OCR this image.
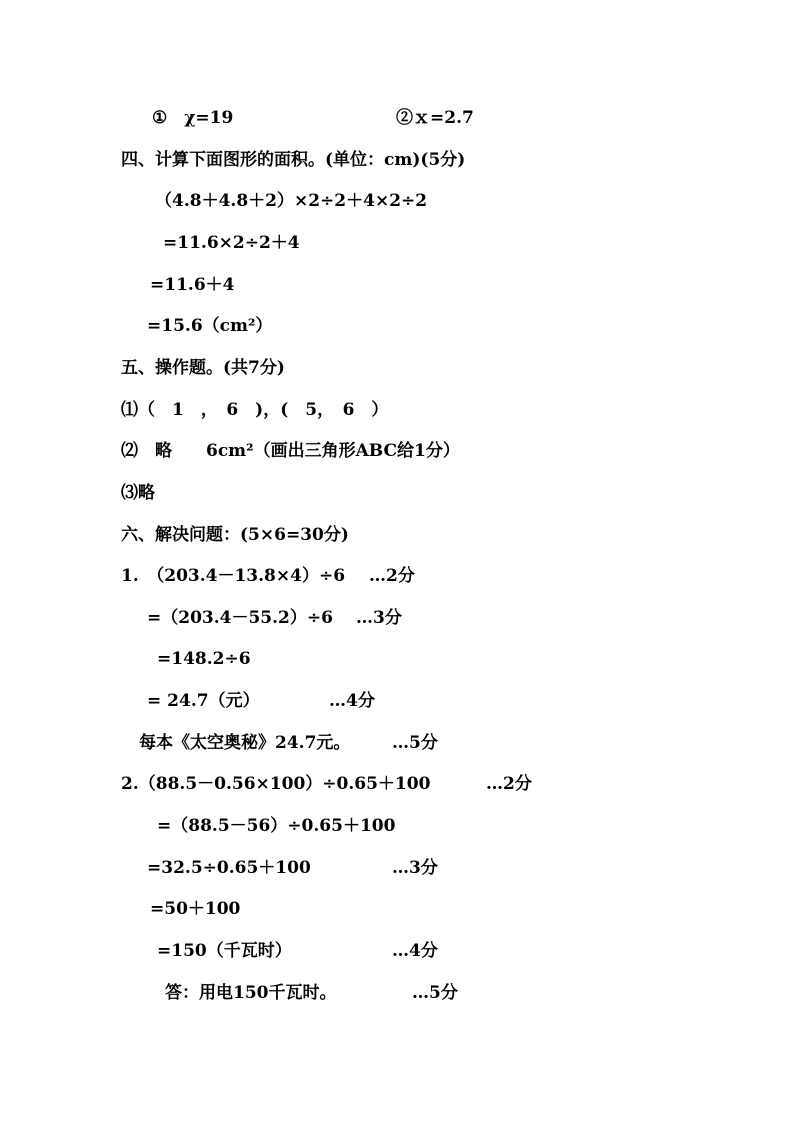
①　χ=19	②ｘ=2.7
四、计算下面图形的面积。(单位：cm)(5分)
（4.8＋4.8＋2）×2÷2＋4×2÷2
=11.6×2÷2＋4
=11.6＋4
=15.6（cm²）
五、操作题。(共7分)
⑴（　1　，　6　)，(　5，　6　）
⑵　略　　6cm²（画出三角形ABC给1分）
⑶略
六、解决问题：(5×6=30分)
1.　（203.4－13.8×4）÷6 …2分
=（203.4－55.2）÷6 …3分
=148.2÷6
= 24.7（元）	…4分
每本《太空奥秘》24.7元。 …5分
2.（88.5－0.56×100）÷0.65＋100	…2分
=（88.5－56）÷0.65＋100
=32.5÷0.65＋100	…3分
=50＋100
=150（千瓦时）	…4分
答：用电150千瓦时。	…5分
